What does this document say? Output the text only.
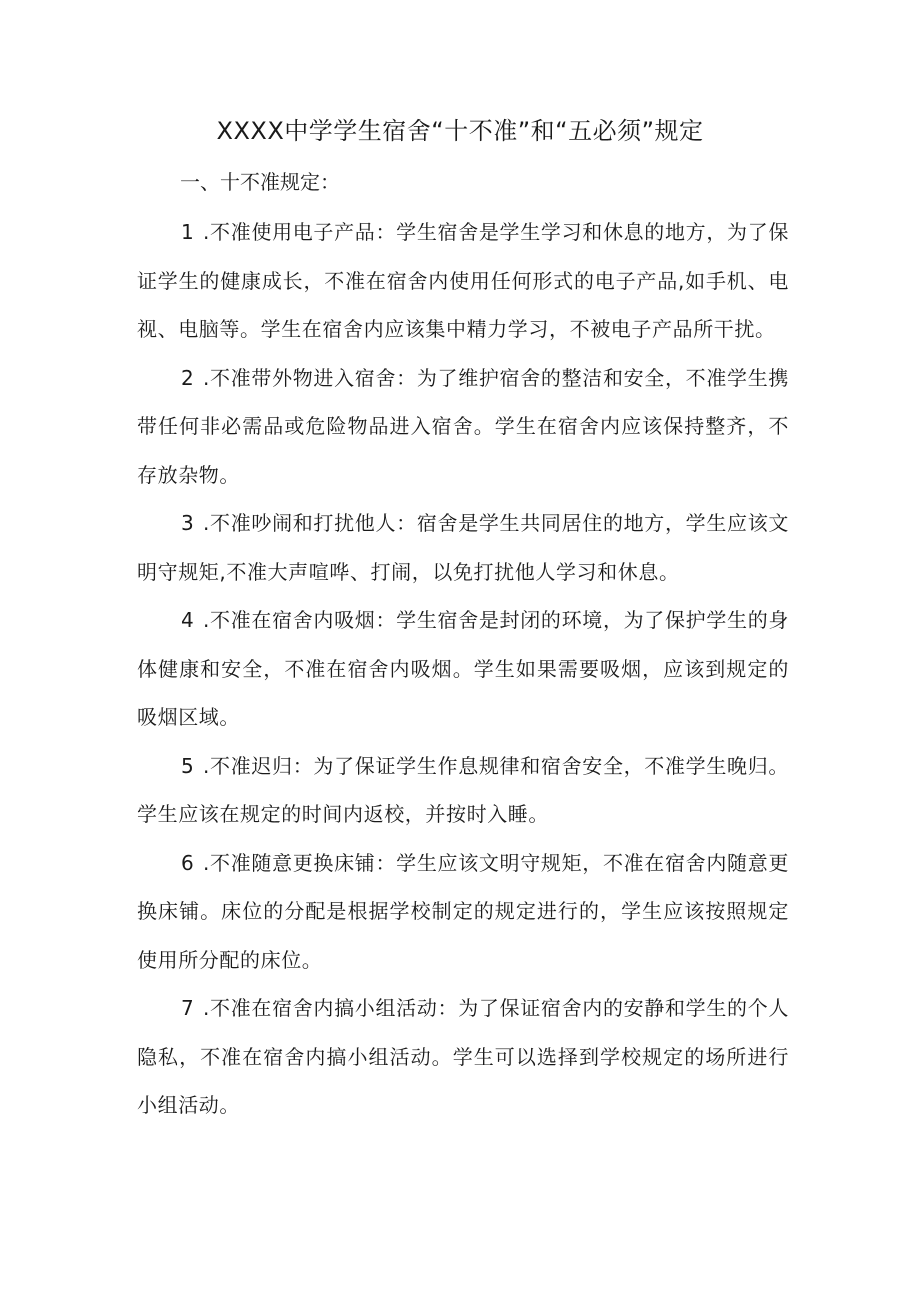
XXXX中学学生宿舍“十不准”和“五必须”规定
一、十不准规定：

1 .不准使用电子产品：学生宿舍是学生学习和休息的地方，为了保证学生的健康成长，不准在宿舍内使用任何形式的电子产品,如手机、电视、电脑等。学生在宿舍内应该集中精力学习，不被电子产品所干扰。

2 .不准带外物进入宿舍：为了维护宿舍的整洁和安全，不准学生携带任何非必需品或危险物品进入宿舍。学生在宿舍内应该保持整齐，不存放杂物。

3 .不准吵闹和打扰他人：宿舍是学生共同居住的地方，学生应该文明守规矩,不准大声喧哗、打闹，以免打扰他人学习和休息。

4 .不准在宿舍内吸烟：学生宿舍是封闭的环境，为了保护学生的身体健康和安全，不准在宿舍内吸烟。学生如果需要吸烟，应该到规定的吸烟区域。

5 .不准迟归：为了保证学生作息规律和宿舍安全，不准学生晚归。学生应该在规定的时间内返校，并按时入睡。

6 .不准随意更换床铺：学生应该文明守规矩，不准在宿舍内随意更换床铺。床位的分配是根据学校制定的规定进行的，学生应该按照规定使用所分配的床位。

7 .不准在宿舍内搞小组活动：为了保证宿舍内的安静和学生的个人隐私，不准在宿舍内搞小组活动。学生可以选择到学校规定的场所进行小组活动。
